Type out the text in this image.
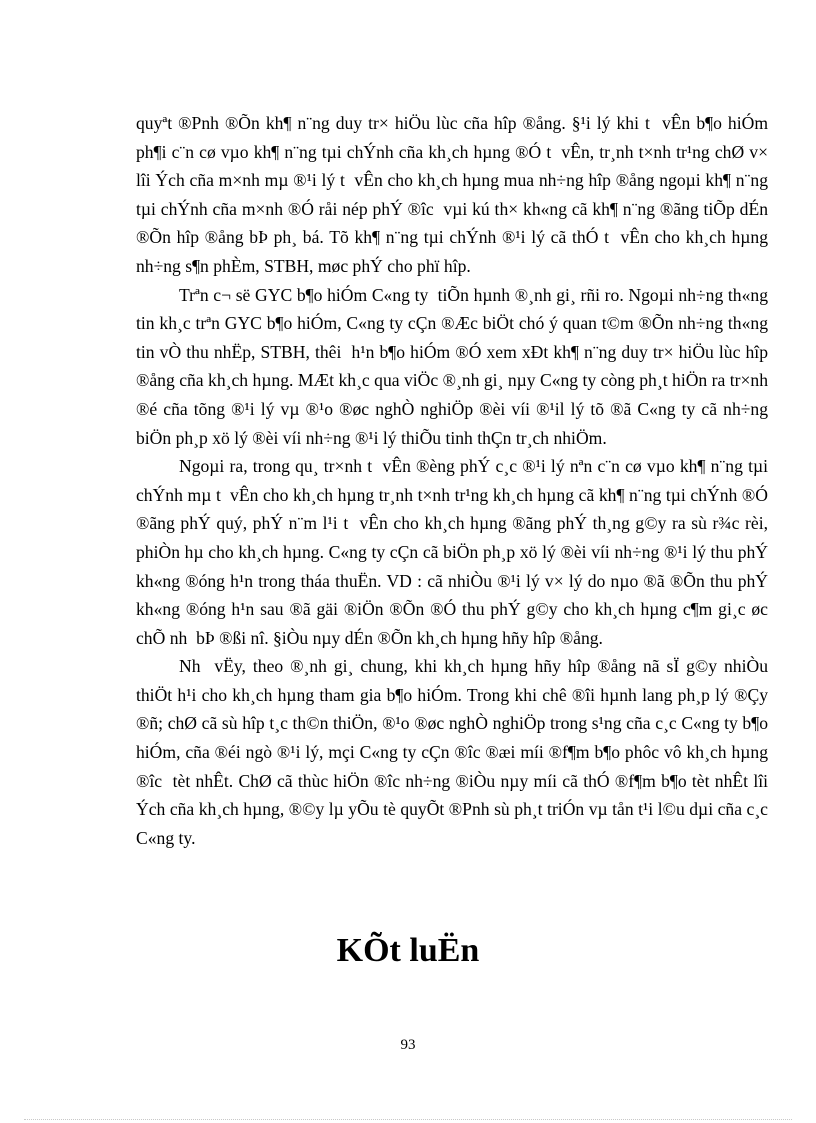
quyªt ®Pnh ®Õn kh¶ n¨ng duy tr× hiÖu lùc cña hîp ®ång. §¹i lý khi t  vÊn b¶o hiÓm ph¶i c¨n cø vµo kh¶ n¨ng tµi chÝnh cña kh¸ch hµng ®Ó t  vÊn, tr¸nh t×nh tr¹ng chØ v× lîi Ých cña m×nh mµ ®¹i lý t  vÊn cho kh¸ch hµng mua nh÷ng hîp ®ång ngoµi kh¶ n¨ng tµi chÝnh cña m×nh ®Ó råi nép phÝ ®îc  vµi kú th× kh«ng cã kh¶ n¨ng ®ãng tiÕp dÉn ®Õn hîp ®ång bÞ ph¸ bá. Tõ kh¶ n¨ng tµi chÝnh ®¹i lý cã thÓ t  vÊn cho kh¸ch hµng nh÷ng s¶n phÈm, STBH, møc phÝ cho phï hîp.

Trªn c¬ së GYC b¶o hiÓm C«ng ty  tiÕn hµnh ®¸nh gi¸ rñi ro. Ngoµi nh÷ng th«ng tin kh¸c trªn GYC b¶o hiÓm, C«ng ty cÇn ®Æc biÖt chó ý quan t©m ®Õn nh÷ng th«ng tin vÒ thu nhËp, STBH, thêi  h¹n b¶o hiÓm ®Ó xem xÐt kh¶ n¨ng duy tr× hiÖu lùc hîp ®ång cña kh¸ch hµng. MÆt kh¸c qua viÖc ®¸nh gi¸ nµy C«ng ty còng ph¸t hiÖn ra tr×nh ®é cña tõng ®¹i lý vµ ®¹o ®øc nghÒ nghiÖp ®èi víi ®¹il lý tõ ®ã C«ng ty cã nh÷ng biÖn ph¸p xö lý ®èi víi nh÷ng ®¹i lý thiÕu tinh thÇn tr¸ch nhiÖm.

Ngoµi ra, trong qu¸ tr×nh t  vÊn ®èng phÝ c¸c ®¹i lý nªn c¨n cø vµo kh¶ n¨ng tµi chÝnh mµ t  vÊn cho kh¸ch hµng tr¸nh t×nh tr¹ng kh¸ch hµng cã kh¶ n¨ng tµi chÝnh ®Ó ®ãng phÝ quý, phÝ n¨m l¹i t  vÊn cho kh¸ch hµng ®ãng phÝ th¸ng g©y ra sù r¾c rèi, phiÒn hµ cho kh¸ch hµng. C«ng ty cÇn cã biÖn ph¸p xö lý ®èi víi nh÷ng ®¹i lý thu phÝ kh«ng ®óng h¹n trong tháa thuËn. VD : cã nhiÒu ®¹i lý v× lý do nµo ®ã ®Õn thu phÝ kh«ng ®óng h¹n sau ®ã gäi ®iÖn ®Õn ®Ó thu phÝ g©y cho kh¸ch hµng c¶m gi¸c øc chÕ nh  bÞ ®ßi nî. §iÒu nµy dÉn ®Õn kh¸ch hµng hñy hîp ®ång.

Nh  vËy, theo ®¸nh gi¸ chung, khi kh¸ch hµng hñy hîp ®ång nã sÏ g©y nhiÒu thiÖt h¹i cho kh¸ch hµng tham gia b¶o hiÓm. Trong khi chê ®îi hµnh lang ph¸p lý ®Çy ®ñ; chØ cã sù hîp t¸c th©n thiÖn, ®¹o ®øc nghÒ nghiÖp trong s¹ng cña c¸c C«ng ty b¶o hiÓm, cña ®éi ngò ®¹i lý, mçi C«ng ty cÇn ®îc ®æi míi ®f¶m b¶o phôc vô kh¸ch hµng ®îc  tèt nhÊt. ChØ cã thùc hiÖn ®îc nh÷ng ®iÒu nµy míi cã thÓ ®f¶m b¶o tèt nhÊt lîi Ých cña kh¸ch hµng, ®©y lµ yÕu tè quyÕt ®Pnh sù ph¸t triÓn vµ tån t¹i l©u dµi cña c¸c C«ng ty.

KÕt luËn
93
